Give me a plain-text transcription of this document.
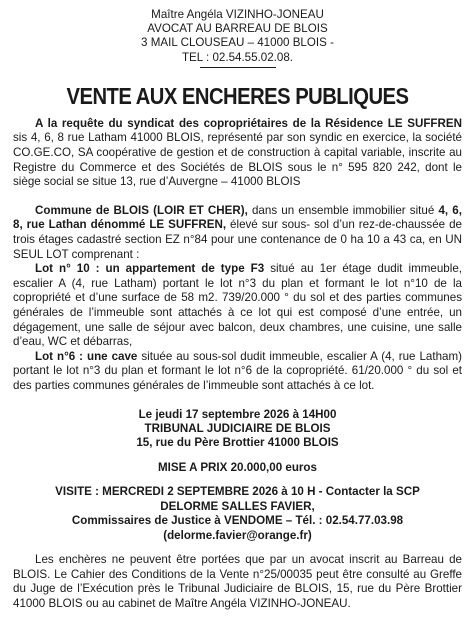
Maître Angéla VIZINHO-JONEAU
AVOCAT AU BARREAU DE BLOIS
3 MAIL CLOUSEAU – 41000 BLOIS -
TEL : 02.54.55.02.08.
VENTE AUX ENCHERES PUBLIQUES
A la requête du syndicat des copropriétaires de la Résidence LE SUFFREN sis 4, 6, 8 rue Latham 41000 BLOIS, représenté par son syndic en exercice, la société CO.GE.CO, SA coopérative de gestion et de construction à capital variable, inscrite au Registre du Commerce et des Sociétés de BLOIS sous le n° 595 820 242, dont le siège social se situe 13, rue d’Auvergne – 41000 BLOIS
Commune de BLOIS (LOIR ET CHER), dans un ensemble immobilier situé 4, 6, 8, rue Lathan dénommé LE SUFFREN, élevé sur sous- sol d’un rez-de-chaussée de trois étages cadastré section EZ n°84 pour une contenance de 0 ha 10 a 43 ca, en UN SEUL LOT comprenant :
Lot n° 10 : un appartement de type F3 situé au 1er étage dudit immeuble, escalier A (4, rue Latham) portant le lot n°3 du plan et formant le lot n°10 de la copropriété et d’une surface de 58 m2. 739/20.000 ° du sol et des parties communes générales de l’immeuble sont attachés à ce lot qui est composé d’une entrée, un dégagement, une salle de séjour avec balcon, deux chambres, une cuisine, une salle d’eau, WC et débarras,
Lot n°6 : une cave située au sous-sol dudit immeuble, escalier A (4, rue Latham) portant le lot n°3 du plan et formant le lot n°6 de la copropriété. 61/20.000 ° du sol et des parties communes générales de l’immeuble sont attachés à ce lot.
Le jeudi 17 septembre 2026 à 14H00
TRIBUNAL JUDICIAIRE DE BLOIS
15, rue du Père Brottier 41000 BLOIS
MISE A PRIX 20.000,00 euros
VISITE : MERCREDI 2 SEPTEMBRE 2026 à 10 H - Contacter la SCP
DELORME SALLES FAVIER,
Commissaires de Justice à VENDOME – Tél. : 02.54.77.03.98
(delorme.favier@orange.fr)
Les enchères ne peuvent être portées que par un avocat inscrit au Barreau de BLOIS. Le Cahier des Conditions de la Vente n°25/00035 peut être consulté au Greffe du Juge de l’Exécution près le Tribunal Judiciaire de BLOIS, 15, rue du Père Brottier 41000 BLOIS ou au cabinet de Maître Angéla VIZINHO-JONEAU.
